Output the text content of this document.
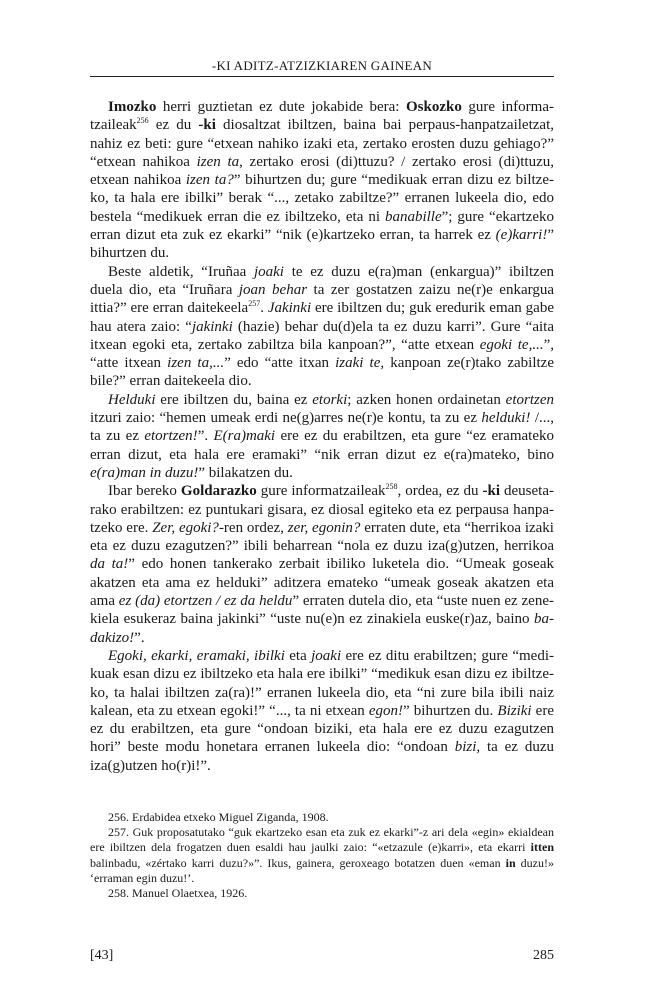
-KI ADITZ-ATZIZKIAREN GAINEAN

Imozko herri guztietan ez dute jokabide bera: Oskozko gure informatzaileak$^{256}$ ez du -ki diosaltzat ibiltzen, baina bai perpaus-hanpatzailetzat, nahiz ez beti: gure “etxean nahiko izaki eta, zertako erosten duzu gehiago?” “etxean nahikoa izen ta, zertako erosi (di)ttuzu? / zertako erosi (di)ttuzu, etxean nahikoa izen ta?” bihurtzen du; gure “medikuak erran dizu ez biltzeko, ta hala ere ibilki” berak “..., zetako zabiltze?” erranen lukeela dio, edo bestela “medikuek erran die ez ibiltzeko, eta ni banabille”; gure “ekartzeko erran dizut eta zuk ez ekarki” “nik (e)kartzeko erran, ta harrek ez (e)karri!” bihurtzen du.

Beste aldetik, “Iruñaa joaki te ez duzu e(ra)man (enkargua)” ibiltzen duela dio, eta “Iruñara joan behar ta zer gostatzen zaizu ne(r)e enkargua ittia?” ere erran daitekeela$^{257}$. Jakinki ere ibiltzen du; guk eredurik eman gabe hau atera zaio: “jakinki (hazie) behar du(d)ela ta ez duzu karri”. Gure “aita itxean egoki eta, zertako zabiltza bila kanpoan?”, “atte etxean egoki te,...”, “atte itxean izen ta,...” edo “atte itxan izaki te, kanpoan ze(r)tako zabiltze bile?” erran daitekeela dio.

Helduki ere ibiltzen du, baina ez etorki; azken honen ordainetan etortzen itzuri zaio: “hemen umeak erdi ne(g)arres ne(r)e kontu, ta zu ez helduki! /..., ta zu ez etortzen!”. E(ra)maki ere ez du erabiltzen, eta gure “ez eramateko erran dizut, eta hala ere eramaki” “nik erran dizut ez e(ra)mateko, bino e(ra)man in duzu!” bilakatzen du.

Ibar bereko Goldarazko gure informatzaileak$^{258}$, ordea, ez du -ki deusetarako erabiltzen: ez puntukari gisara, ez diosal egiteko eta ez perpausa hanpatzeko ere. Zer, egoki?-ren ordez, zer, egonin? erraten dute, eta “herrikoa izaki eta ez duzu ezagutzen?” ibili beharrean “nola ez duzu iza(g)utzen, herrikoa da ta!” edo honen tankerako zerbait ibiliko luketela dio. “Umeak goseak akatzen eta ama ez helduki” aditzera emateko “umeak goseak akatzen eta ama ez (da) etortzen / ez da heldu” erraten dutela dio, eta “uste nuen ez zenekiela esukeraz baina jakinki” “uste nu(e)n ez zinakiela euske(r)az, baino badakizo!”.

Egoki, ekarki, eramaki, ibilki eta joaki ere ez ditu erabiltzen; gure “medikuak esan dizu ez ibiltzeko eta hala ere ibilki” “medikuk esan dizu ez ibiltzeko, ta halai ibiltzen za(ra)!” erranen lukeela dio, eta “ni zure bila ibili naiz kalean, eta zu etxean egoki!” “..., ta ni etxean egon!” bihurtzen du. Biziki ere ez du erabiltzen, eta gure “ondoan biziki, eta hala ere ez duzu ezagutzen hori” beste modu honetara erranen lukeela dio: “ondoan bizi, ta ez duzu iza(g)utzen ho(r)i!”.

256. Erdabidea etxeko Miguel Ziganda, 1908.

257. Guk proposatutako “guk ekartzeko esan eta zuk ez ekarki”-z ari dela «egin» ekialdean ere ibiltzen dela frogatzen duen esaldi hau jaulki zaio: “«etzazule (e)karri», eta ekarri itten balinbadu, «zértako karri duzu?»”. Ikus, gainera, geroxeago botatzen duen «eman in duzu!» ‘erraman egin duzu!’.

258. Manuel Olaetxea, 1926.

[43]	285
